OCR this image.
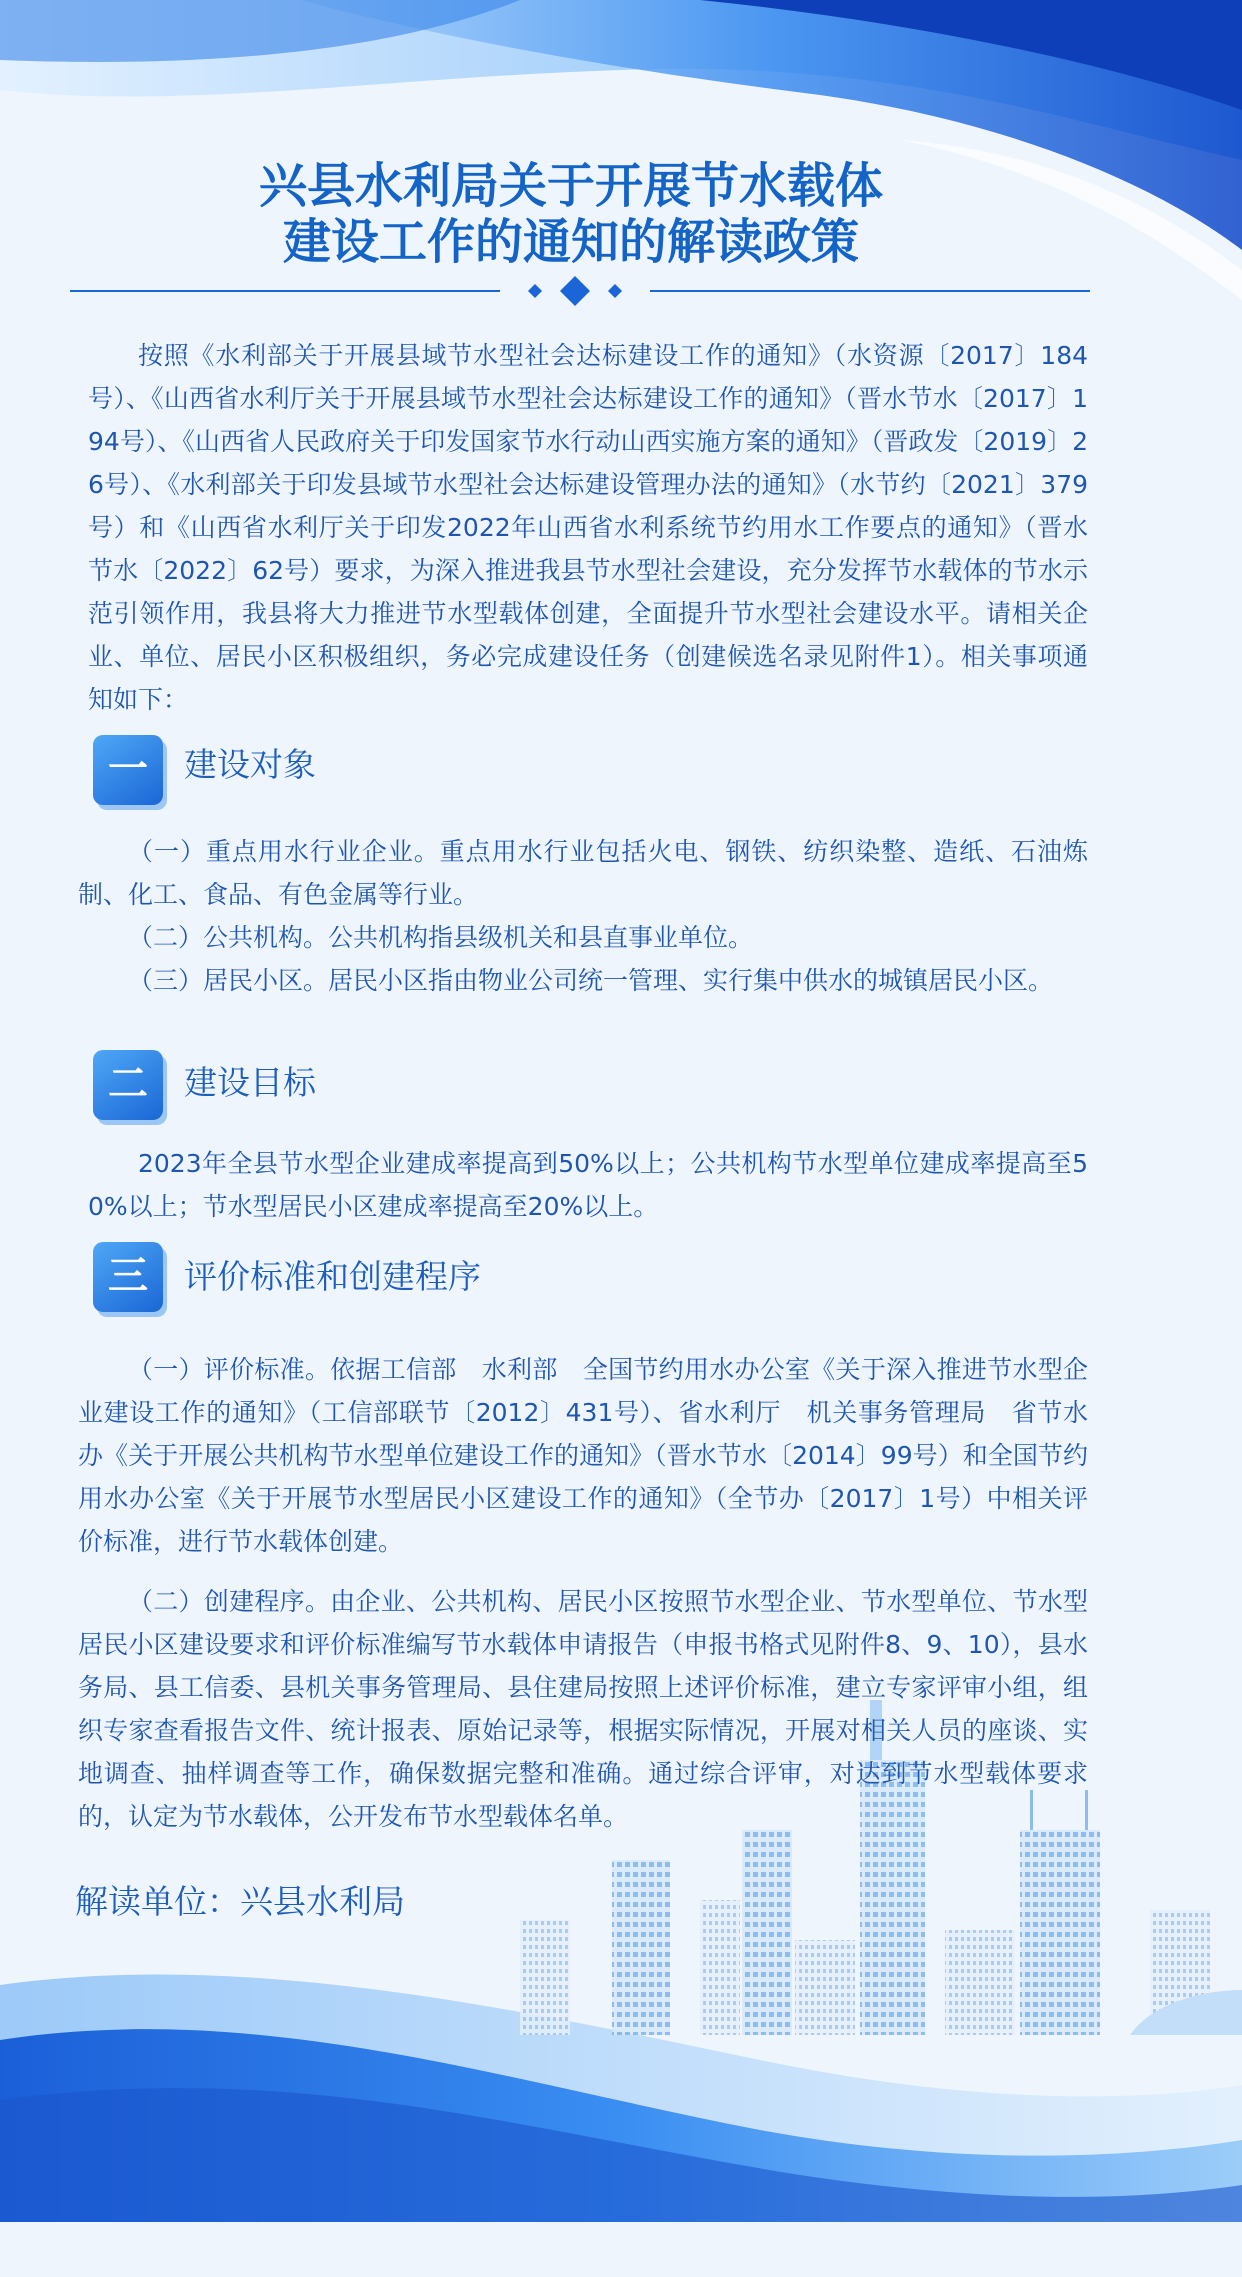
兴县水利局关于开展节水载体
建设工作的通知的解读政策

按照《水利部关于开展县域节水型社会达标建设工作的通知》（水资源〔2017〕184号）、《山西省水利厅关于开展县域节水型社会达标建设工作的通知》（晋水节水〔2017〕194号）、《山西省人民政府关于印发国家节水行动山西实施方案的通知》（晋政发〔2019〕26号）、《水利部关于印发县域节水型社会达标建设管理办法的通知》（水节约〔2021〕379号）和《山西省水利厅关于印发2022年山西省水利系统节约用水工作要点的通知》（晋水节水〔2022〕62号）要求，为深入推进我县节水型社会建设，充分发挥节水载体的节水示范引领作用，我县将大力推进节水型载体创建，全面提升节水型社会建设水平。请相关企业、单位、居民小区积极组织，务必完成建设任务（创建候选名录见附件1）。相关事项通知如下：

一	建设对象

（一）重点用水行业企业。重点用水行业包括火电、钢铁、纺织染整、造纸、石油炼制、化工、食品、有色金属等行业。

（二）公共机构。公共机构指县级机关和县直事业单位。

（三）居民小区。居民小区指由物业公司统一管理、实行集中供水的城镇居民小区。

二	建设目标

2023年全县节水型企业建成率提高到50%以上；公共机构节水型单位建成率提高至50%以上；节水型居民小区建成率提高至20%以上。

三	评价标准和创建程序

（一）评价标准。依据工信部　水利部　全国节约用水办公室《关于深入推进节水型企业建设工作的通知》（工信部联节〔2012〕431号）、省水利厅　机关事务管理局　省节水办《关于开展公共机构节水型单位建设工作的通知》（晋水节水〔2014〕99号）和全国节约用水办公室《关于开展节水型居民小区建设工作的通知》（全节办〔2017〕1号）中相关评价标准，进行节水载体创建。

（二）创建程序。由企业、公共机构、居民小区按照节水型企业、节水型单位、节水型居民小区建设要求和评价标准编写节水载体申请报告（申报书格式见附件8、9、10），县水务局、县工信委、县机关事务管理局、县住建局按照上述评价标准，建立专家评审小组，组织专家查看报告文件、统计报表、原始记录等，根据实际情况，开展对相关人员的座谈、实地调查、抽样调查等工作，确保数据完整和准确。通过综合评审，对达到节水型载体要求的，认定为节水载体，公开发布节水型载体名单。

解读单位：兴县水利局
